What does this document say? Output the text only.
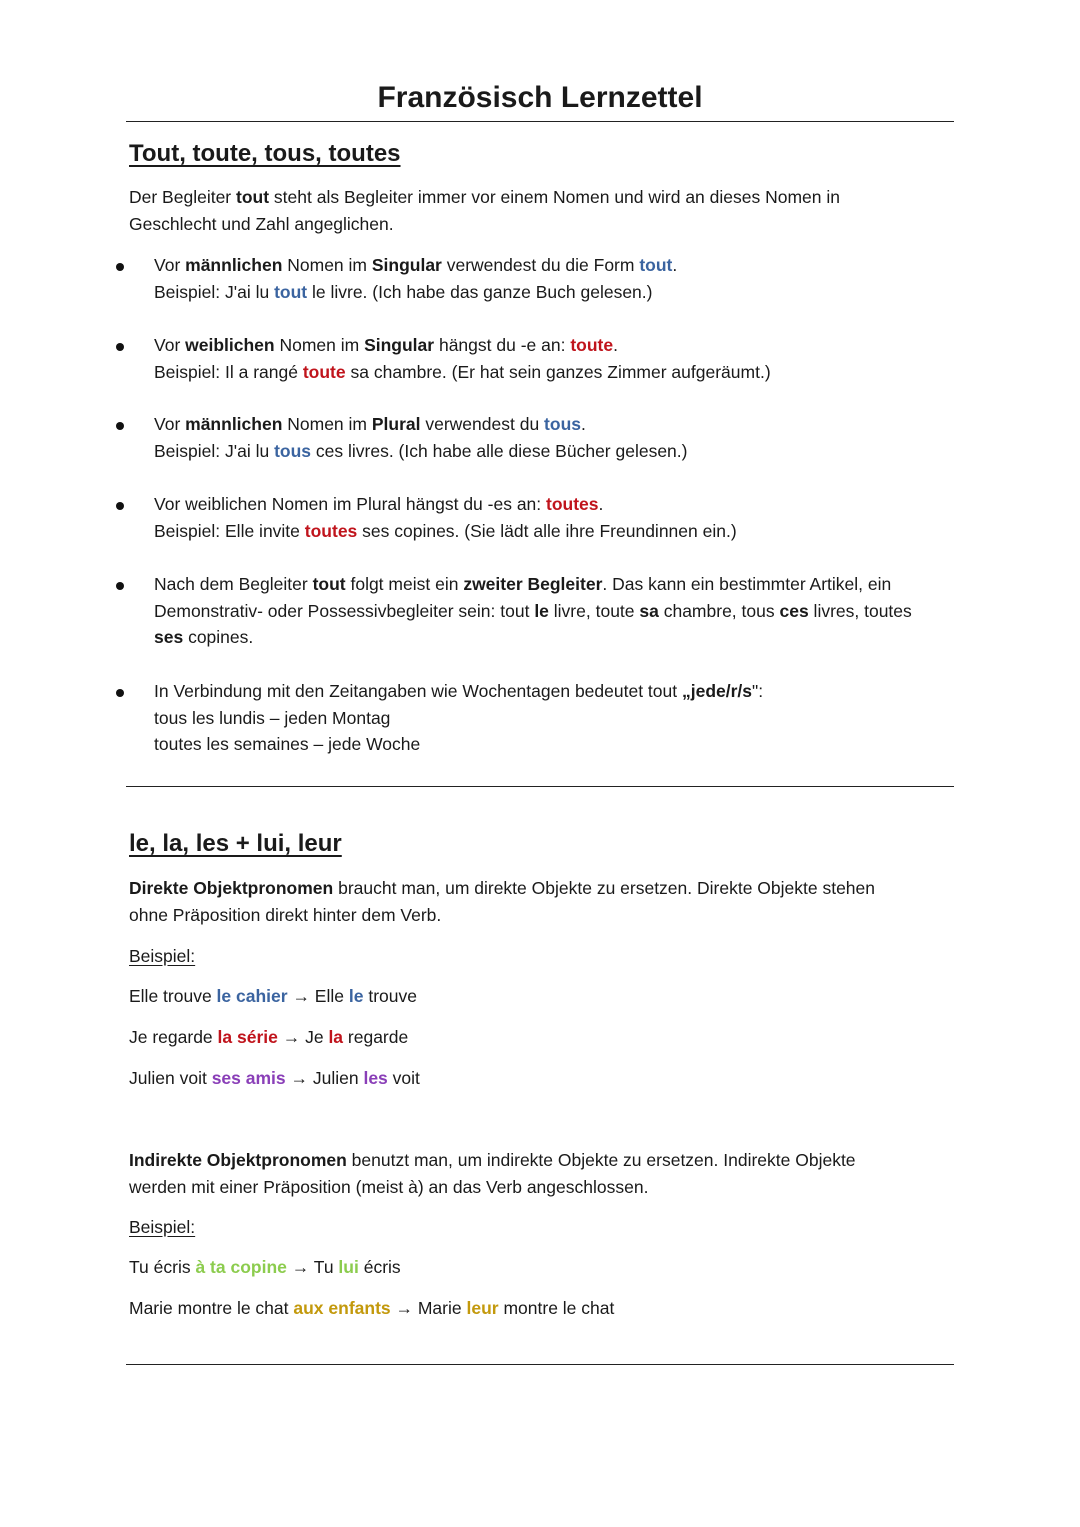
Französisch Lernzettel
Tout, toute, tous, toutes

Der Begleiter tout steht als Begleiter immer vor einem Nomen und wird an dieses Nomen in
Geschlecht und Zahl angeglichen.

Vor männlichen Nomen im Singular verwendest du die Form tout.
Beispiel: J'ai lu tout le livre. (Ich habe das ganze Buch gelesen.)
Vor weiblichen Nomen im Singular hängst du -e an: toute.
Beispiel: Il a rangé toute sa chambre. (Er hat sein ganzes Zimmer aufgeräumt.)
Vor männlichen Nomen im Plural verwendest du tous.
Beispiel: J'ai lu tous ces livres. (Ich habe alle diese Bücher gelesen.)
Vor weiblichen Nomen im Plural hängst du -es an: toutes.
Beispiel: Elle invite toutes ses copines. (Sie lädt alle ihre Freundinnen ein.)
Nach dem Begleiter tout folgt meist ein zweiter Begleiter. Das kann ein bestimmter Artikel, ein
Demonstrativ- oder Possessivbegleiter sein: tout le livre, toute sa chambre, tous ces livres, toutes
ses copines.
In Verbindung mit den Zeitangaben wie Wochentagen bedeutet tout „jede/r/s":
tous les lundis – jeden Montag
toutes les semaines – jede Woche
le, la, les + lui, leur

Direkte Objektpronomen braucht man, um direkte Objekte zu ersetzen. Direkte Objekte stehen
ohne Präposition direkt hinter dem Verb.

Beispiel:

Elle trouve le cahier → Elle le trouve

Je regarde la série → Je la regarde

Julien voit ses amis → Julien les voit

Indirekte Objektpronomen benutzt man, um indirekte Objekte zu ersetzen. Indirekte Objekte
werden mit einer Präposition (meist à) an das Verb angeschlossen.

Beispiel:

Tu écris à ta copine → Tu lui écris

Marie montre le chat aux enfants → Marie leur montre le chat
